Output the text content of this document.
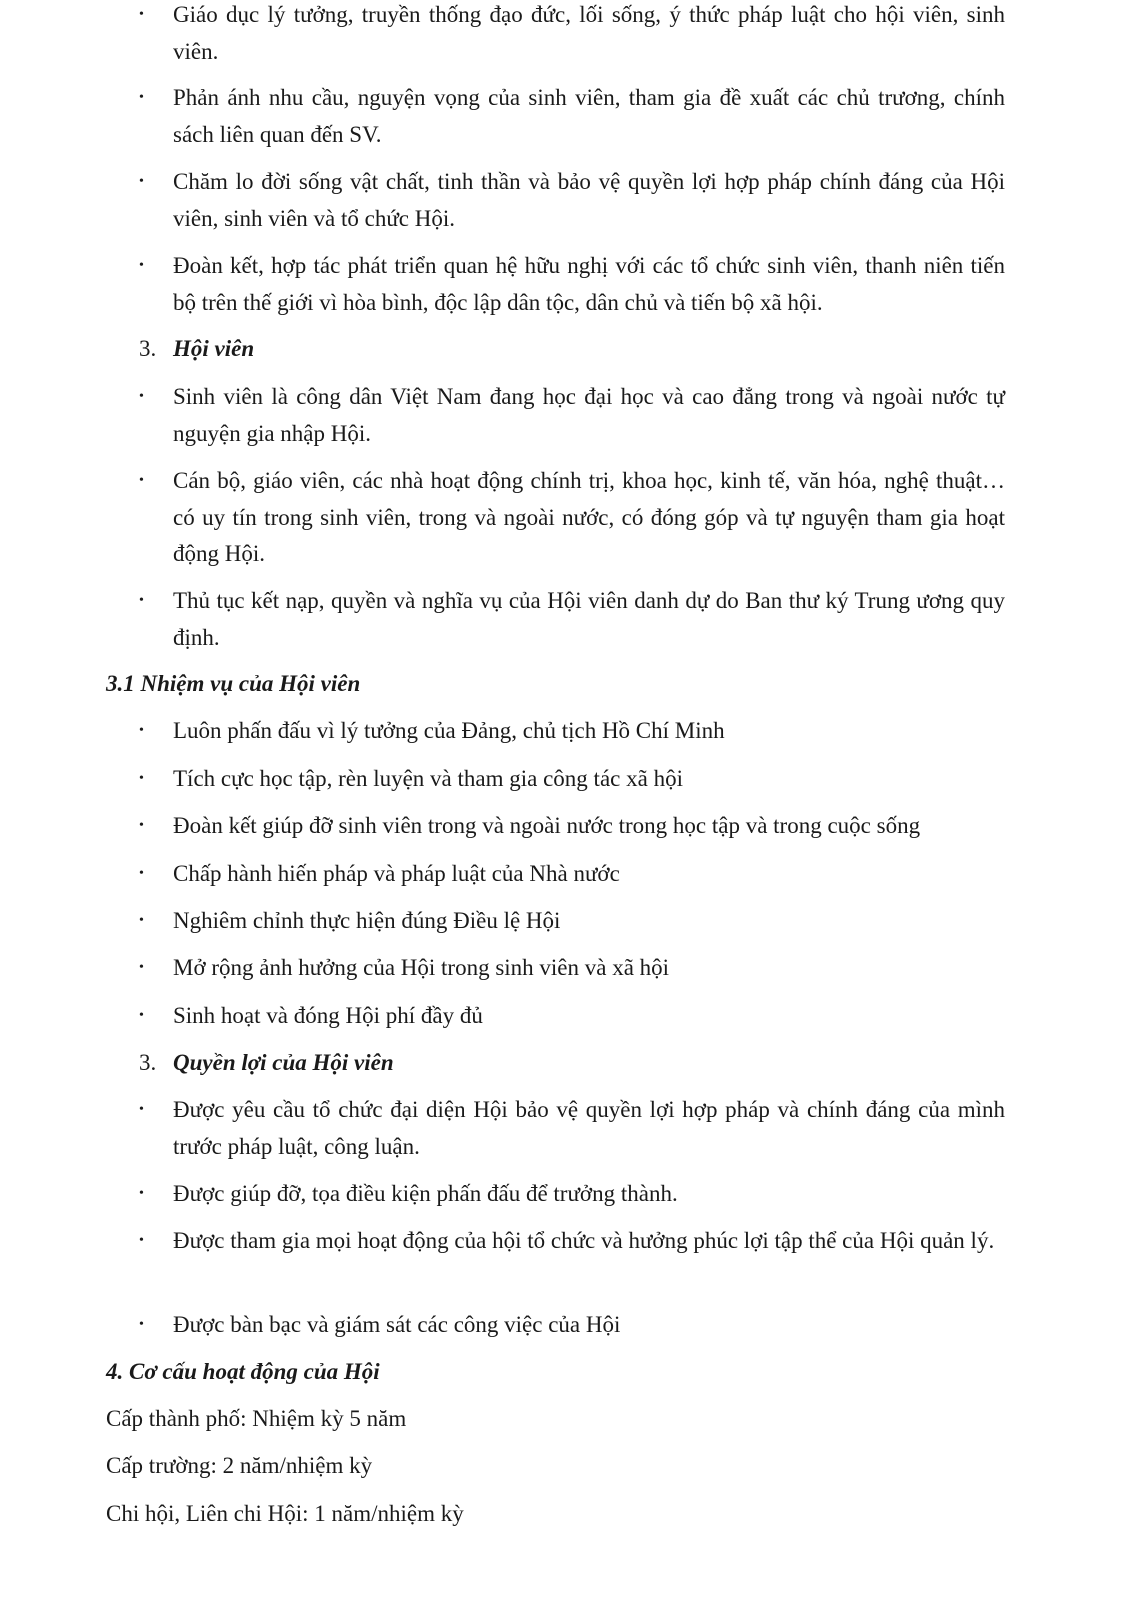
• Giáo dục lý tưởng, truyền thống đạo đức, lối sống, ý thức pháp luật cho hội viên, sinh viên.
• Phản ánh nhu cầu, nguyện vọng của sinh viên, tham gia đề xuất các chủ trương, chính sách liên quan đến SV.
• Chăm lo đời sống vật chất, tinh thần và bảo vệ quyền lợi hợp pháp chính đáng của Hội viên, sinh viên và tổ chức Hội.
• Đoàn kết, hợp tác phát triển quan hệ hữu nghị với các tổ chức sinh viên, thanh niên tiến bộ trên thế giới vì hòa bình, độc lập dân tộc, dân chủ và tiến bộ xã hội.
3. Hội viên
• Sinh viên là công dân Việt Nam đang học đại học và cao đẳng trong và ngoài nước tự nguyện gia nhập Hội.
• Cán bộ, giáo viên, các nhà hoạt động chính trị, khoa học, kinh tế, văn hóa, nghệ thuật… có uy tín trong sinh viên, trong và ngoài nước, có đóng góp và tự nguyện tham gia hoạt động Hội.
• Thủ tục kết nạp, quyền và nghĩa vụ của Hội viên danh dự do Ban thư ký Trung ương quy định.
3.1 Nhiệm vụ của Hội viên
• Luôn phấn đấu vì lý tưởng của Đảng, chủ tịch Hồ Chí Minh
• Tích cực học tập, rèn luyện và tham gia công tác xã hội
• Đoàn kết giúp đỡ sinh viên trong và ngoài nước trong học tập và trong cuộc sống
• Chấp hành hiến pháp và pháp luật của Nhà nước
• Nghiêm chỉnh thực hiện đúng Điều lệ Hội
• Mở rộng ảnh hưởng của Hội trong sinh viên và xã hội
• Sinh hoạt và đóng Hội phí đầy đủ
3. Quyền lợi của Hội viên
• Được yêu cầu tổ chức đại diện Hội bảo vệ quyền lợi hợp pháp và chính đáng của mình trước pháp luật, công luận.
• Được giúp đỡ, tọa điều kiện phấn đấu để trưởng thành.
• Được tham gia mọi hoạt động của hội tổ chức và hưởng phúc lợi tập thể của Hội quản lý.
• Được bàn bạc và giám sát các công việc của Hội
4. Cơ cấu hoạt động của Hội
Cấp thành phố: Nhiệm kỳ 5 năm
Cấp trường: 2 năm/nhiệm kỳ
Chi hội, Liên chi Hội: 1 năm/nhiệm kỳ
